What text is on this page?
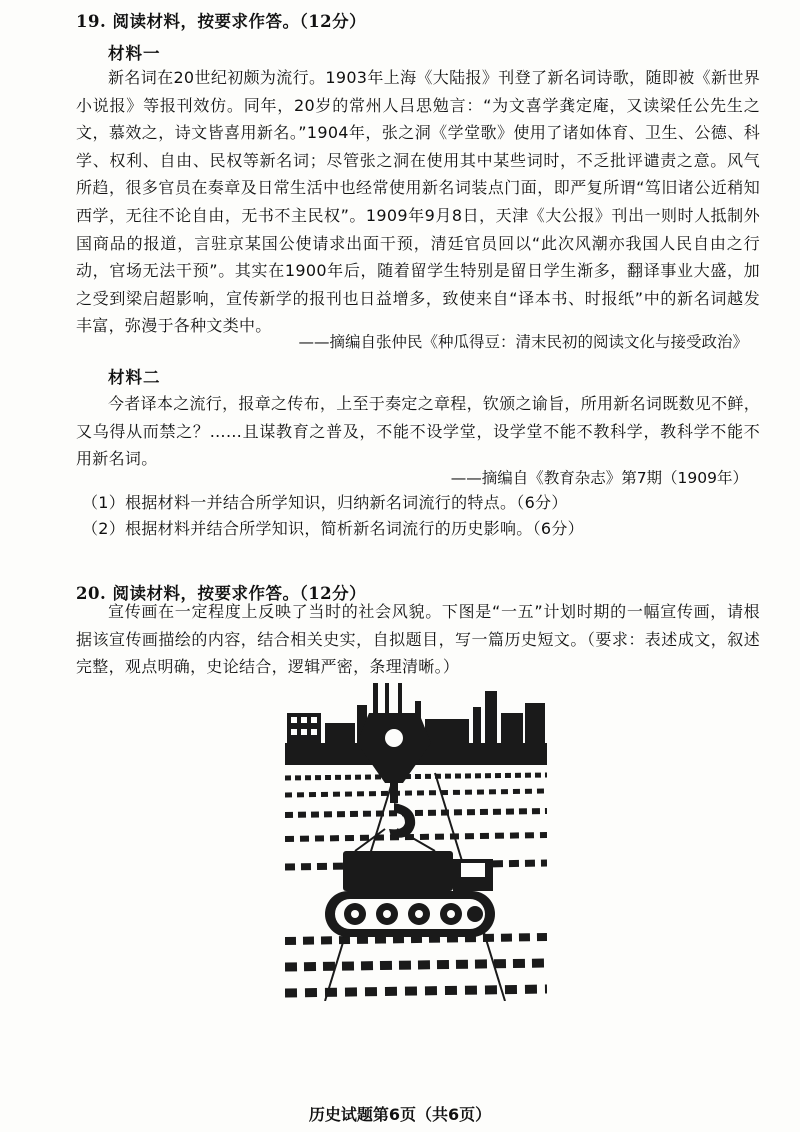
19. 阅读材料，按要求作答。（12分）
材料一
新名词在20世纪初颇为流行。1903年上海《大陆报》刊登了新名词诗歌，随即被《新世界小说报》等报刊效仿。同年，20岁的常州人吕思勉言：“为文喜学龚定庵，又读梁任公先生之文，慕效之，诗文皆喜用新名。”1904年，张之洞《学堂歌》使用了诸如体育、卫生、公德、科学、权利、自由、民权等新名词；尽管张之洞在使用其中某些词时，不乏批评谴责之意。风气所趋，很多官员在奏章及日常生活中也经常使用新名词装点门面，即严复所谓“笃旧诸公近稍知西学，无往不论自由，无书不主民权”。1909年9月8日，天津《大公报》刊出一则时人抵制外国商品的报道，言驻京某国公使请求出面干预，清廷官员回以“此次风潮亦我国人民自由之行动，官场无法干预”。其实在1900年后，随着留学生特别是留日学生渐多，翻译事业大盛，加之受到梁启超影响，宣传新学的报刊也日益增多，致使来自“译本书、时报纸”中的新名词越发丰富，弥漫于各种文类中。
——摘编自张仲民《种瓜得豆：清末民初的阅读文化与接受政治》
材料二
今者译本之流行，报章之传布，上至于奏定之章程，钦颁之谕旨，所用新名词既数见不鲜，又乌得从而禁之？……且谋教育之普及，不能不设学堂，设学堂不能不教科学，教科学不能不用新名词。
——摘编自《教育杂志》第7期（1909年）
（1）根据材料一并结合所学知识，归纳新名词流行的特点。（6分）
（2）根据材料并结合所学知识，简析新名词流行的历史影响。（6分）
20. 阅读材料，按要求作答。（12分）
宣传画在一定程度上反映了当时的社会风貌。下图是“一五”计划时期的一幅宣传画，请根据该宣传画描绘的内容，结合相关史实，自拟题目，写一篇历史短文。（要求：表述成文，叙述完整，观点明确，史论结合，逻辑严密，条理清晰。）
历史试题第6页（共6页）
